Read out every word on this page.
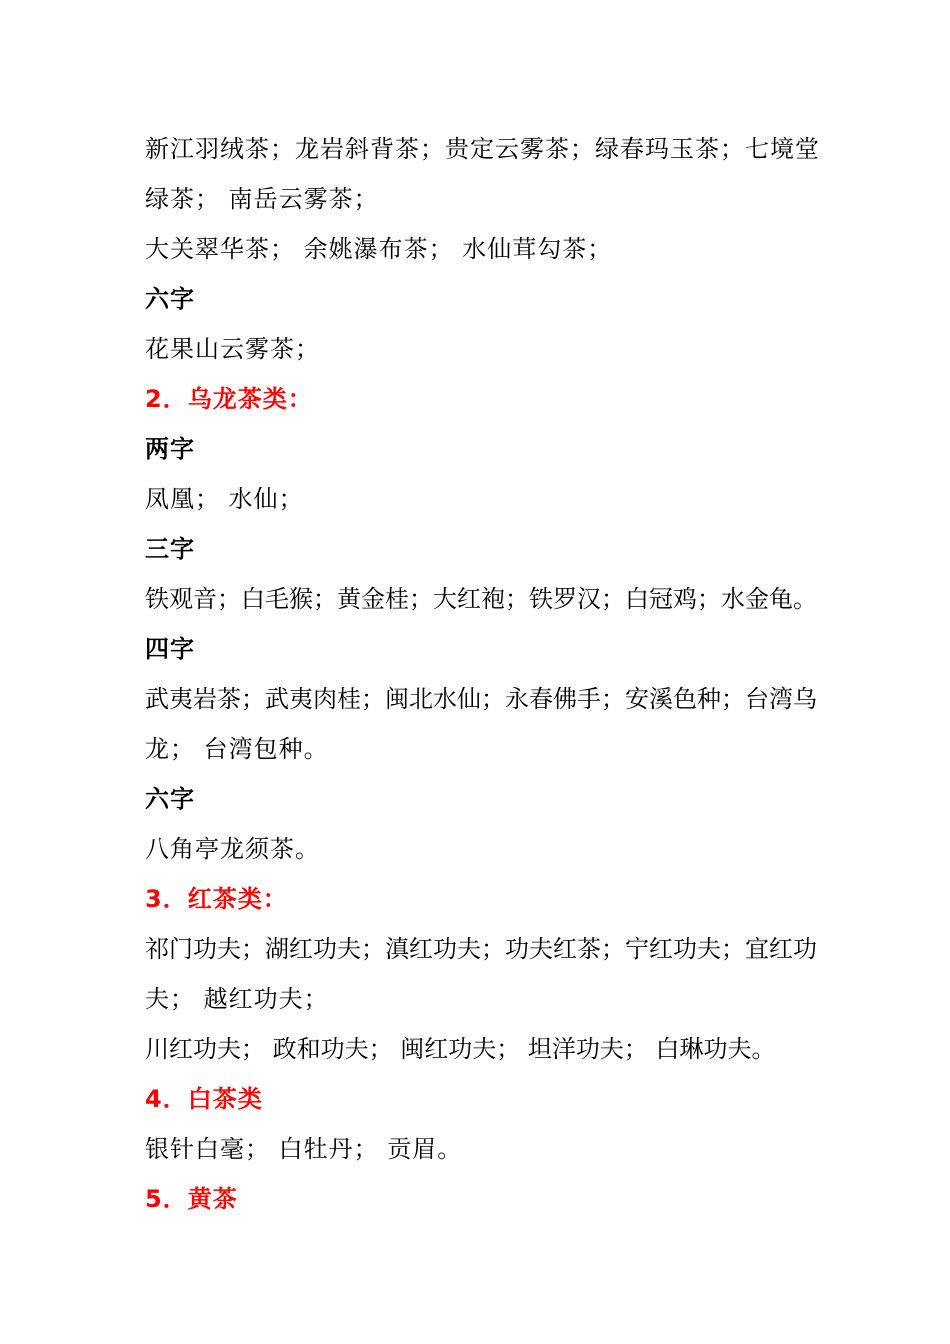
新江羽绒茶；龙岩斜背茶；贵定云雾茶；绿春玛玉茶；七境堂
绿茶； 南岳云雾茶；
大关翠华茶； 余姚瀑布茶； 水仙茸勾茶；
六字
花果山云雾茶；
2．乌龙茶类：
两字
凤凰； 水仙；
三字
铁观音；白毛猴；黄金桂；大红袍；铁罗汉；白冠鸡；水金龟。
四字
武夷岩茶；武夷肉桂；闽北水仙；永春佛手；安溪色种；台湾乌
龙； 台湾包种。
六字
八角亭龙须茶。
3．红茶类：
祁门功夫；湖红功夫；滇红功夫；功夫红茶；宁红功夫；宜红功
夫； 越红功夫；
川红功夫； 政和功夫； 闽红功夫； 坦洋功夫； 白琳功夫。
4．白茶类
银针白毫； 白牡丹； 贡眉。
5．黄茶
